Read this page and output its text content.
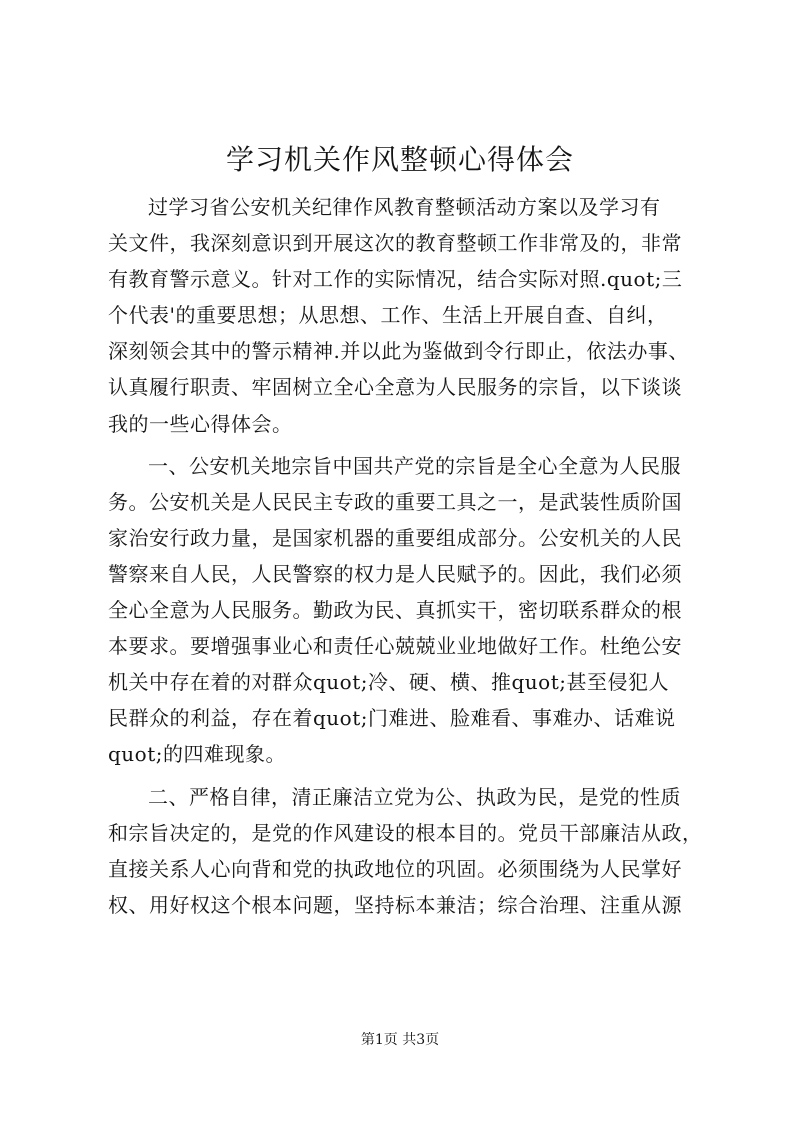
学习机关作风整顿心得体会
过学习省公安机关纪律作风教育整顿活动方案以及学习有
关文件，我深刻意识到开展这次的教育整顿工作非常及的，非常
有教育警示意义。针对工作的实际情况，结合实际对照.quot;三
个代表'的重要思想；从思想、工作、生活上开展自查、自纠，
深刻领会其中的警示精神.并以此为鉴做到令行即止，依法办事、
认真履行职责、牢固树立全心全意为人民服务的宗旨，以下谈谈
我的一些心得体会。
一、公安机关地宗旨中国共产党的宗旨是全心全意为人民服
务。公安机关是人民民主专政的重要工具之一，是武装性质阶国
家治安行政力量，是国家机器的重要组成部分。公安机关的人民
警察来自人民，人民警察的权力是人民赋予的。因此，我们必须
全心全意为人民服务。勤政为民、真抓实干，密切联系群众的根
本要求。要增强事业心和责任心兢兢业业地做好工作。杜绝公安
机关中存在着的对群众quot;冷、硬、横、推quot;甚至侵犯人
民群众的利益，存在着quot;门难进、脸难看、事难办、话难说
quot;的四难现象。
二、严格自律，清正廉洁立党为公、执政为民，是党的性质
和宗旨决定的，是党的作风建设的根本目的。党员干部廉洁从政，
直接关系人心向背和党的执政地位的巩固。必须围绕为人民掌好
权、用好权这个根本问题，坚持标本兼洁；综合治理、注重从源
第1页 共3页
